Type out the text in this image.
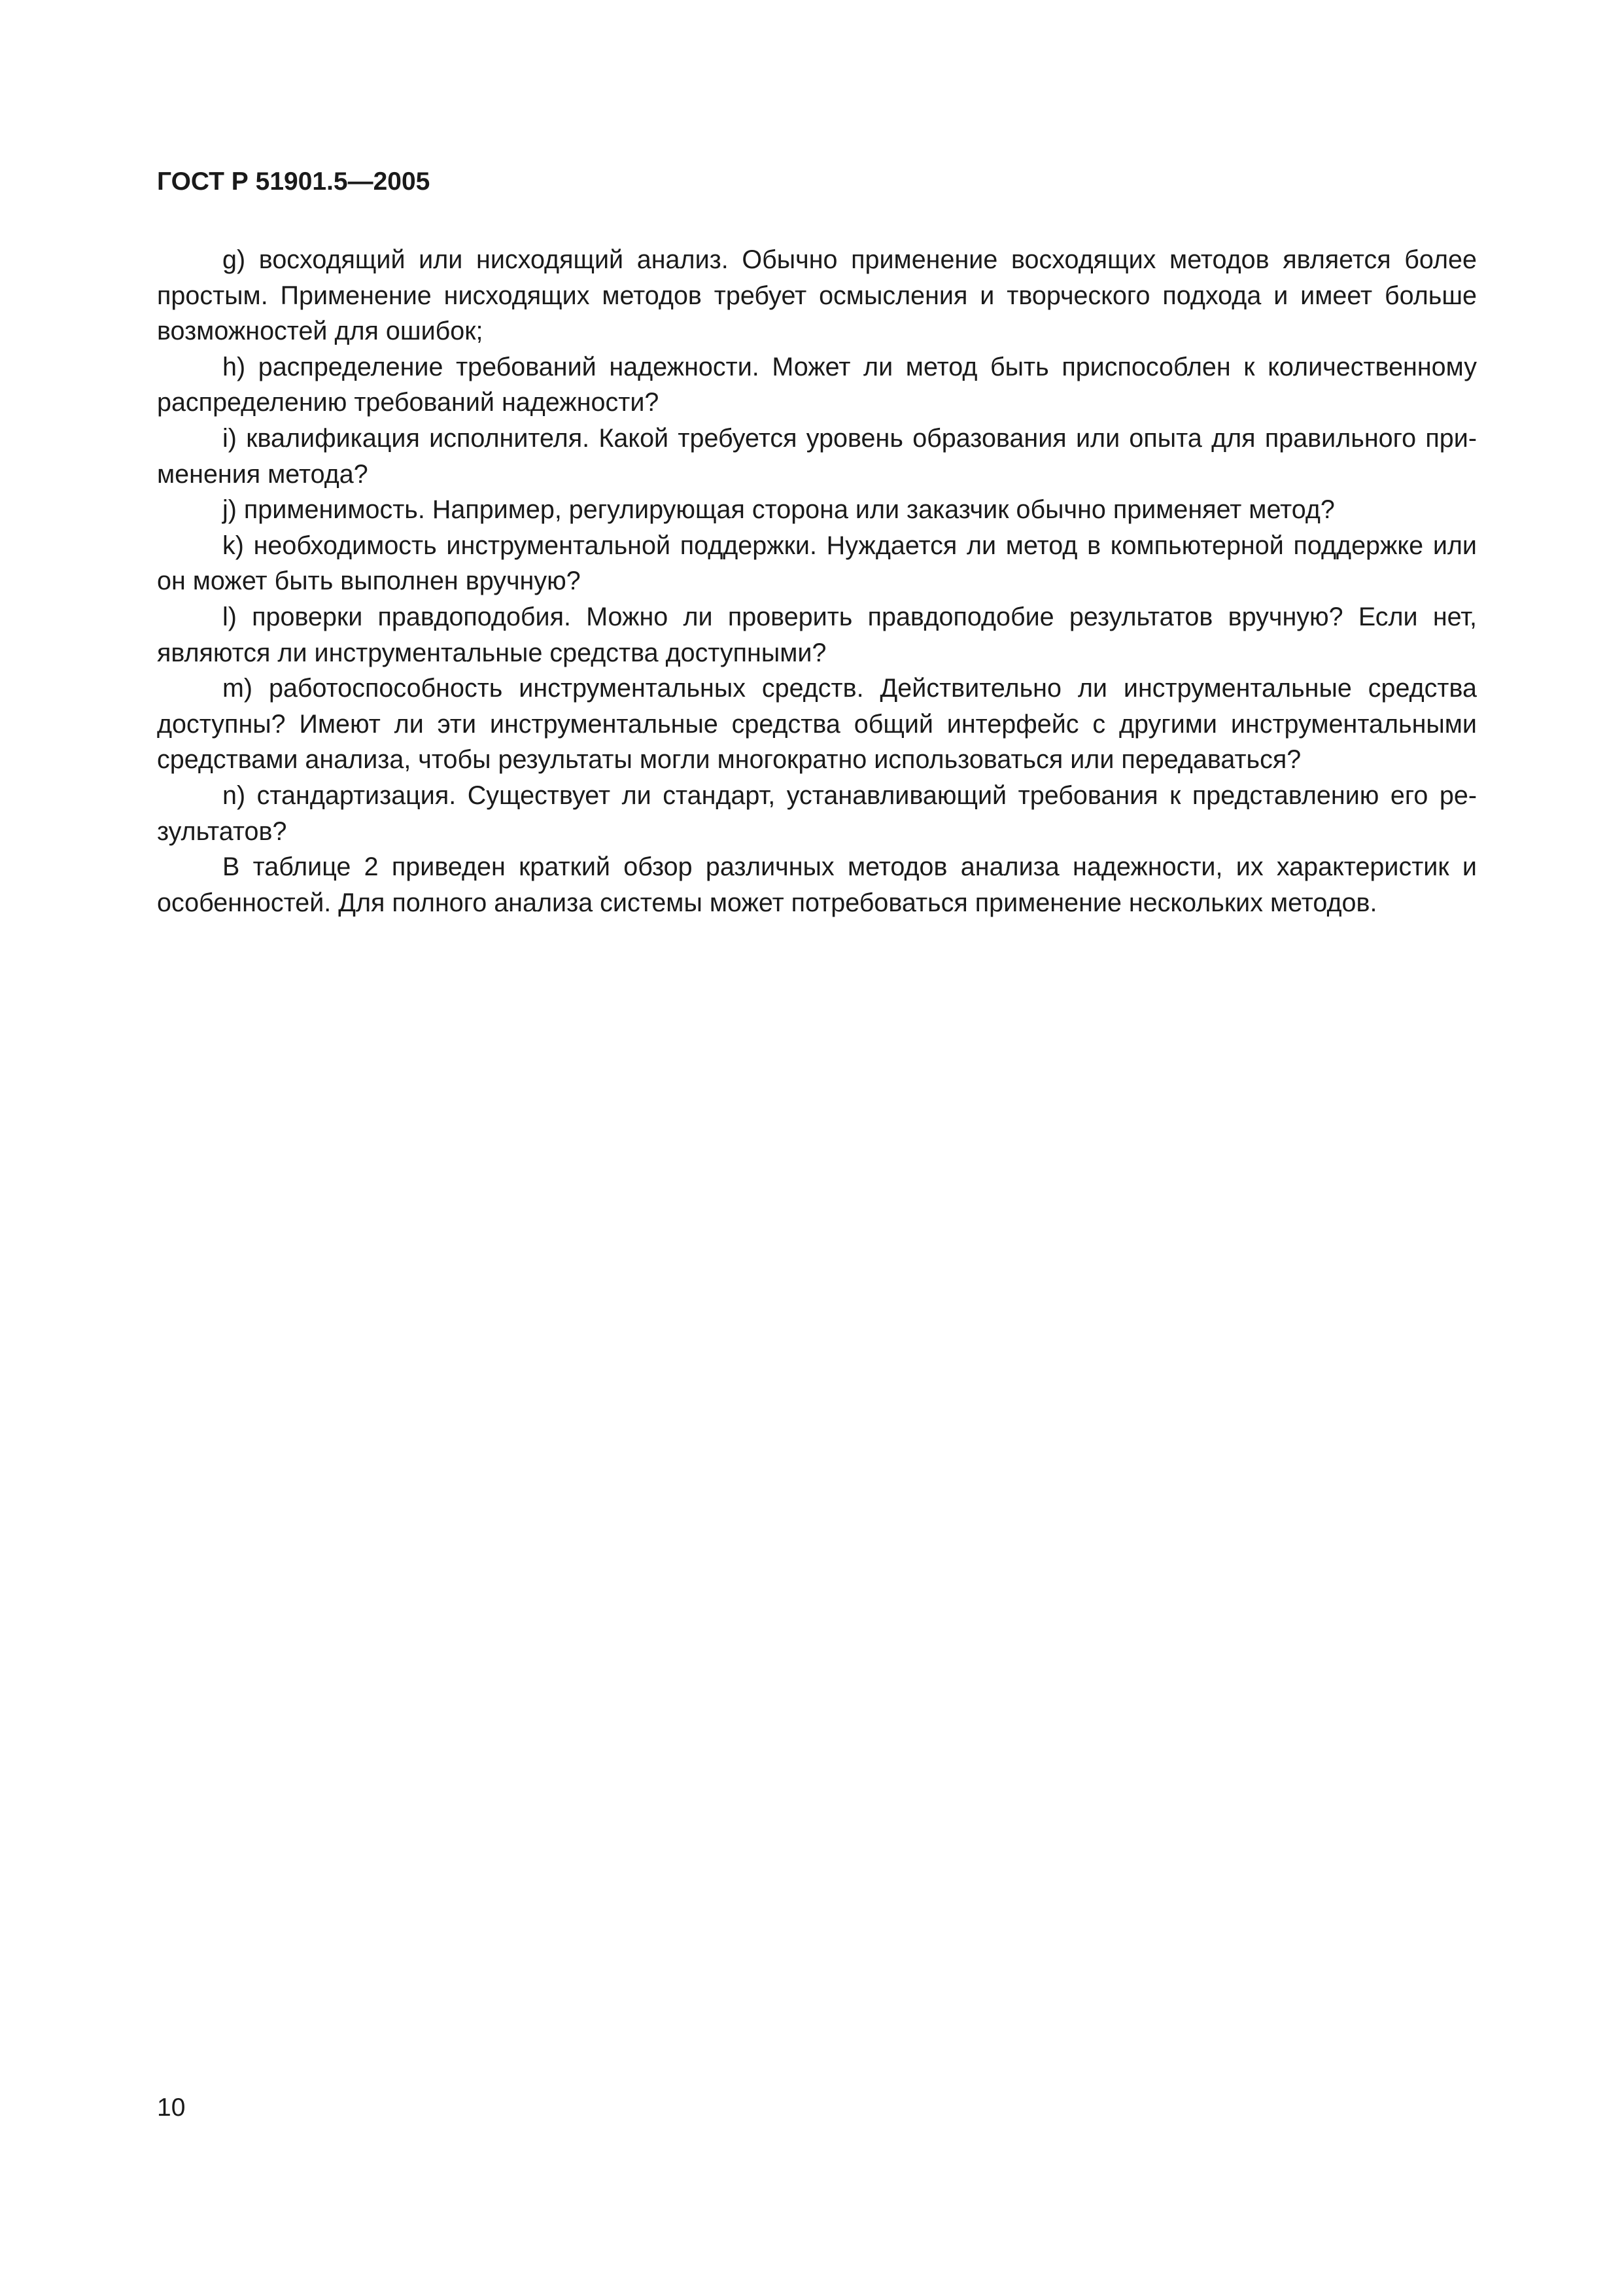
ГОСТ Р 51901.5—2005

g) восходящий или нисходящий анализ. Обычно применение восходящих методов является более простым. Применение нисходящих методов требует осмысления и творческого подхода и имеет больше возможностей для ошибок;

h) распределение требований надежности. Может ли метод быть приспособлен к количественному распределению требований надежности?

i) квалификация исполнителя. Какой требуется уровень образования или опыта для правильного применения метода?

j) применимость. Например, регулирующая сторона или заказчик обычно применяет метод?

k) необходимость инструментальной поддержки. Нуждается ли метод в компьютерной поддержке или он может быть выполнен вручную?

l) проверки правдоподобия. Можно ли проверить правдоподобие результатов вручную? Если нет, являются ли инструментальные средства доступными?

m) работоспособность инструментальных средств. Действительно ли инструментальные средства доступны? Имеют ли эти инструментальные средства общий интерфейс с другими инструментальными средствами анализа, чтобы результаты могли многократно использоваться или передаваться?

n) стандартизация. Существует ли стандарт, устанавливающий требования к представлению его результатов?

В таблице 2 приведен краткий обзор различных методов анализа надежности, их характеристик и особенностей. Для полного анализа системы может потребоваться применение нескольких методов.

10
